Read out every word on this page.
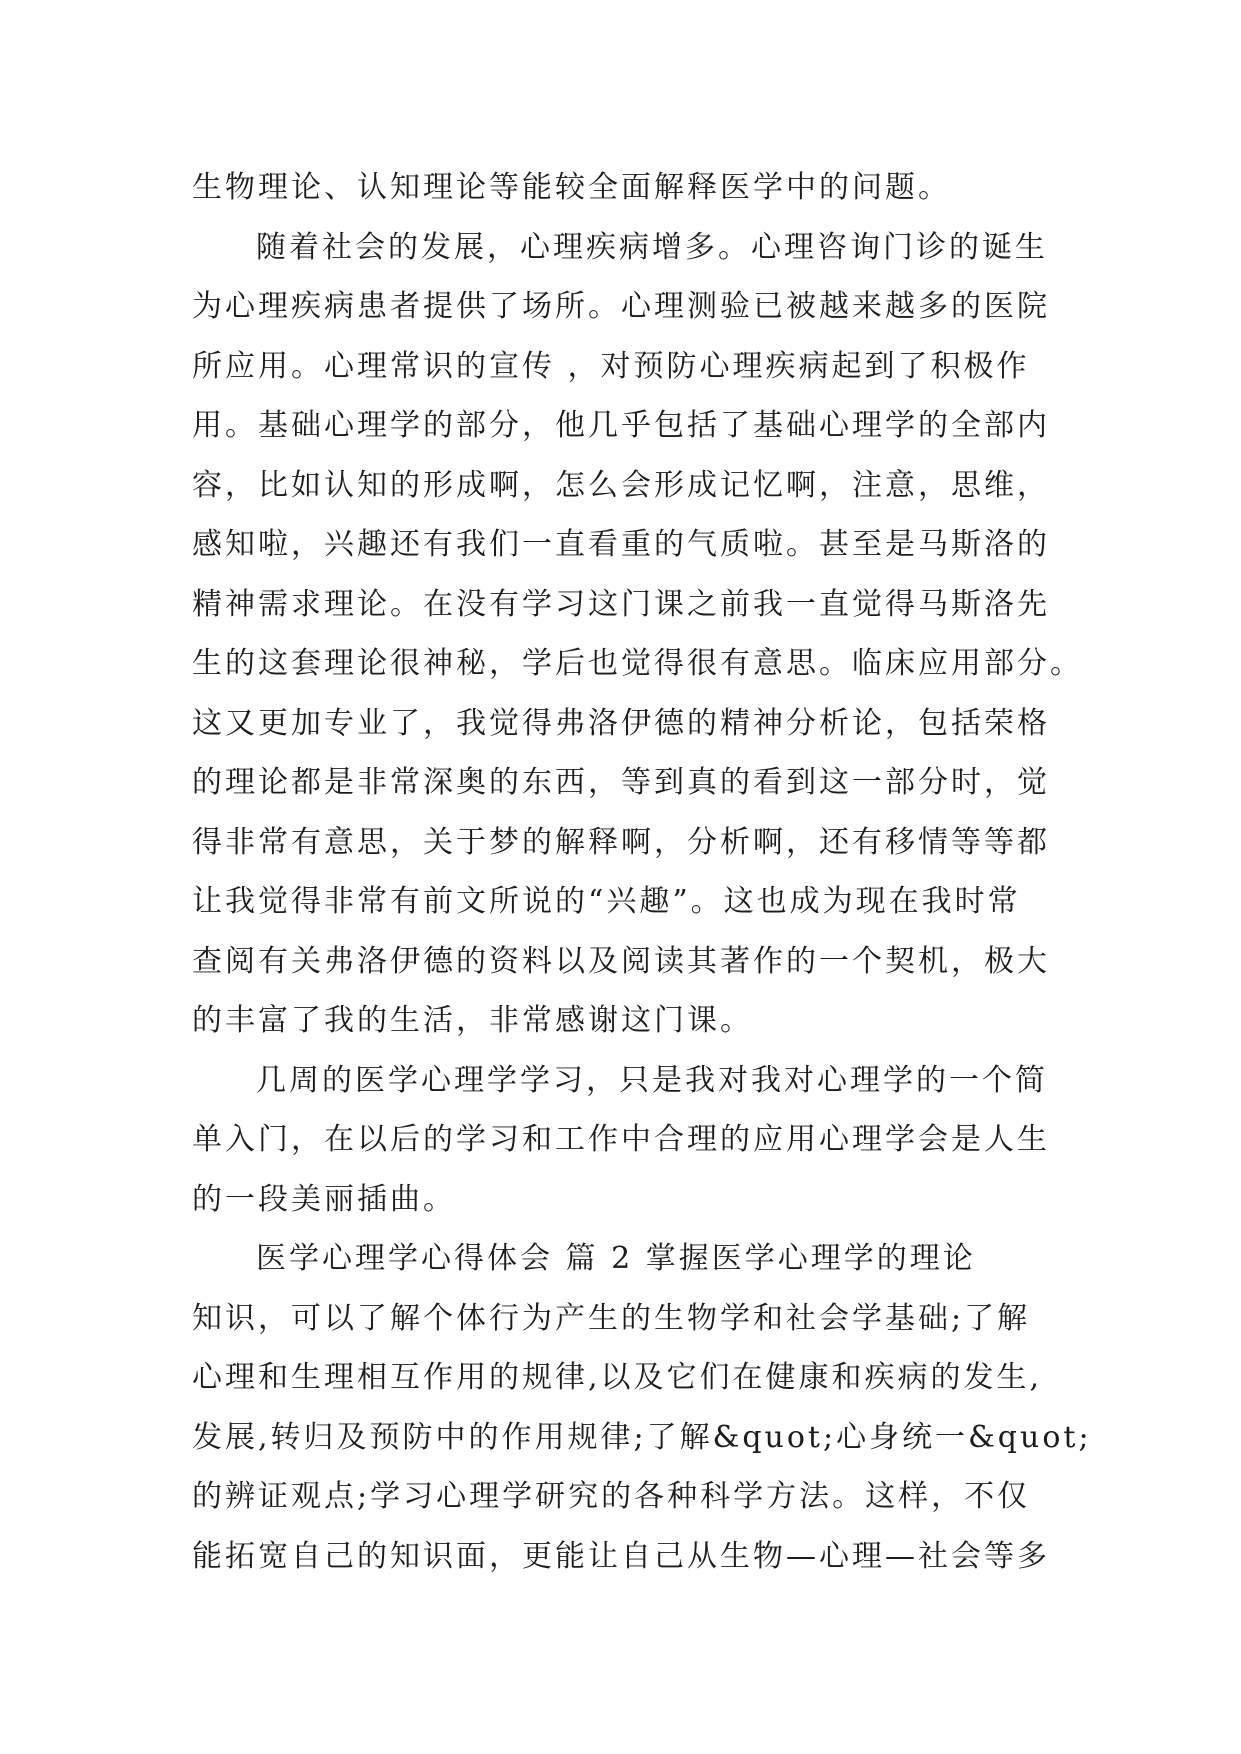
生物理论、认知理论等能较全面解释医学中的问题。
随着社会的发展，心理疾病增多。心理咨询门诊的诞生
为心理疾病患者提供了场所。心理测验已被越来越多的医院
所应用。心理常识的宣传 ，对预防心理疾病起到了积极作
用。基础心理学的部分，他几乎包括了基础心理学的全部内
容，比如认知的形成啊，怎么会形成记忆啊，注意，思维，
感知啦，兴趣还有我们一直看重的气质啦。甚至是马斯洛的
精神需求理论。在没有学习这门课之前我一直觉得马斯洛先
生的这套理论很神秘，学后也觉得很有意思。临床应用部分。
这又更加专业了，我觉得弗洛伊德的精神分析论，包括荣格
的理论都是非常深奥的东西，等到真的看到这一部分时，觉
得非常有意思，关于梦的解释啊，分析啊，还有移情等等都
让我觉得非常有前文所说的“兴趣”。这也成为现在我时常
查阅有关弗洛伊德的资料以及阅读其著作的一个契机，极大
的丰富了我的生活，非常感谢这门课。
几周的医学心理学学习，只是我对我对心理学的一个简
单入门，在以后的学习和工作中合理的应用心理学会是人生
的一段美丽插曲。
医学心理学心得体会 篇 2 掌握医学心理学的理论
知识，可以了解个体行为产生的生物学和社会学基础;了解
心理和生理相互作用的规律,以及它们在健康和疾病的发生,
发展,转归及预防中的作用规律;了解&quot;心身统一&quot;
的辨证观点;学习心理学研究的各种科学方法。这样，不仅
能拓宽自己的知识面，更能让自己从生物—心理—社会等多
